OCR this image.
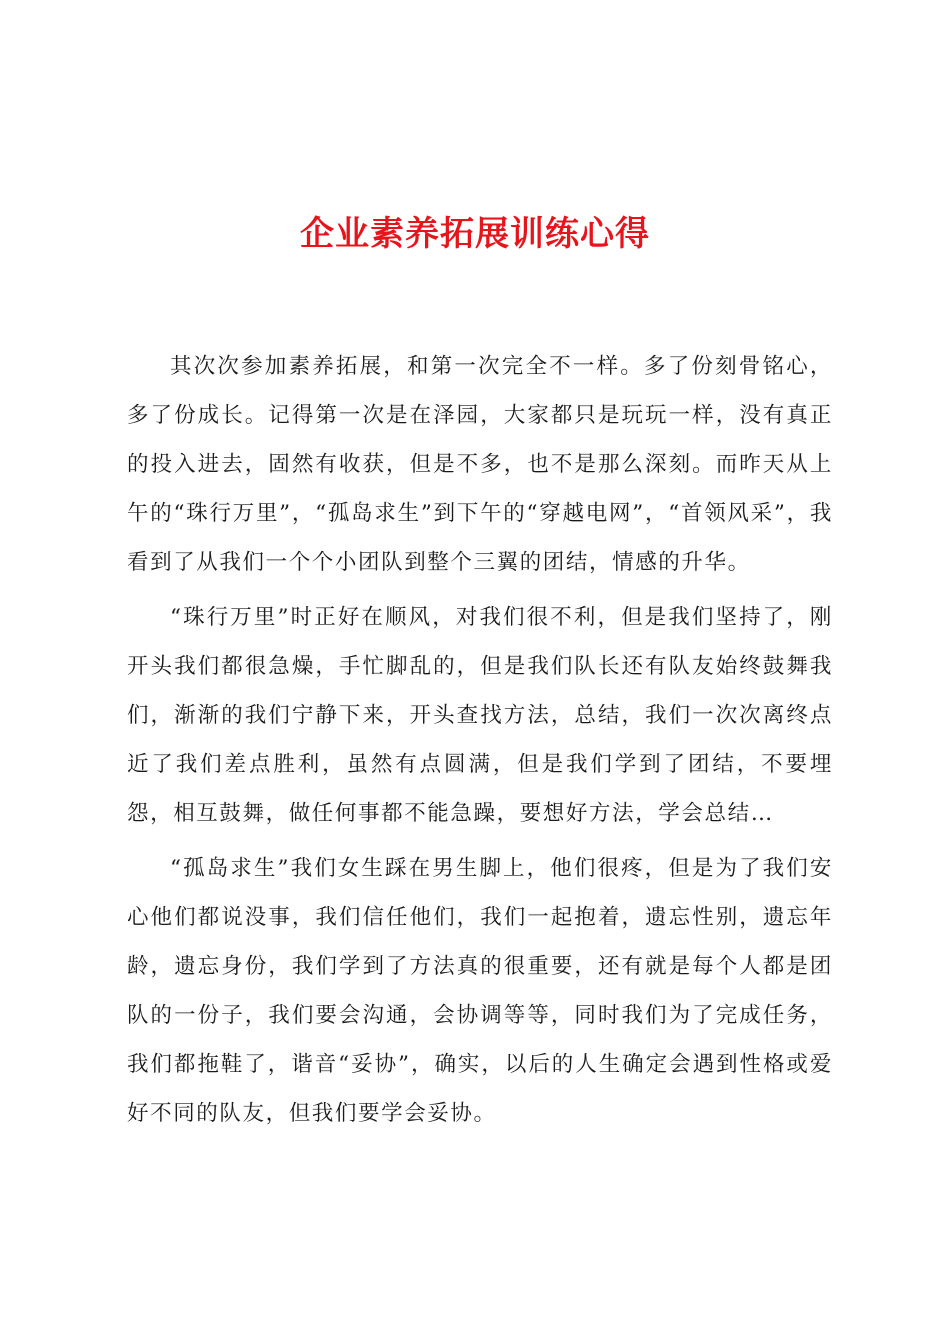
企业素养拓展训练心得

其次次参加素养拓展，和第一次完全不一样。多了份刻骨铭心，多了份成长。记得第一次是在泽园，大家都只是玩玩一样，没有真正的投入进去，固然有收获，但是不多，也不是那么深刻。而昨天从上午的“珠行万里”，“孤岛求生”到下午的“穿越电网”，“首领风采”，我看到了从我们一个个小团队到整个三翼的团结，情感的升华。

“珠行万里”时正好在顺风，对我们很不利，但是我们坚持了，刚开头我们都很急燥，手忙脚乱的，但是我们队长还有队友始终鼓舞我们，渐渐的我们宁静下来，开头查找方法，总结，我们一次次离终点近了我们差点胜利，虽然有点圆满，但是我们学到了团结，不要埋怨，相互鼓舞，做任何事都不能急躁，要想好方法，学会总结…

“孤岛求生”我们女生踩在男生脚上，他们很疼，但是为了我们安心他们都说没事，我们信任他们，我们一起抱着，遗忘性别，遗忘年龄，遗忘身份，我们学到了方法真的很重要，还有就是每个人都是团队的一份子，我们要会沟通，会协调等等，同时我们为了完成任务，我们都拖鞋了，谐音“妥协”，确实，以后的人生确定会遇到性格或爱好不同的队友，但我们要学会妥协。
